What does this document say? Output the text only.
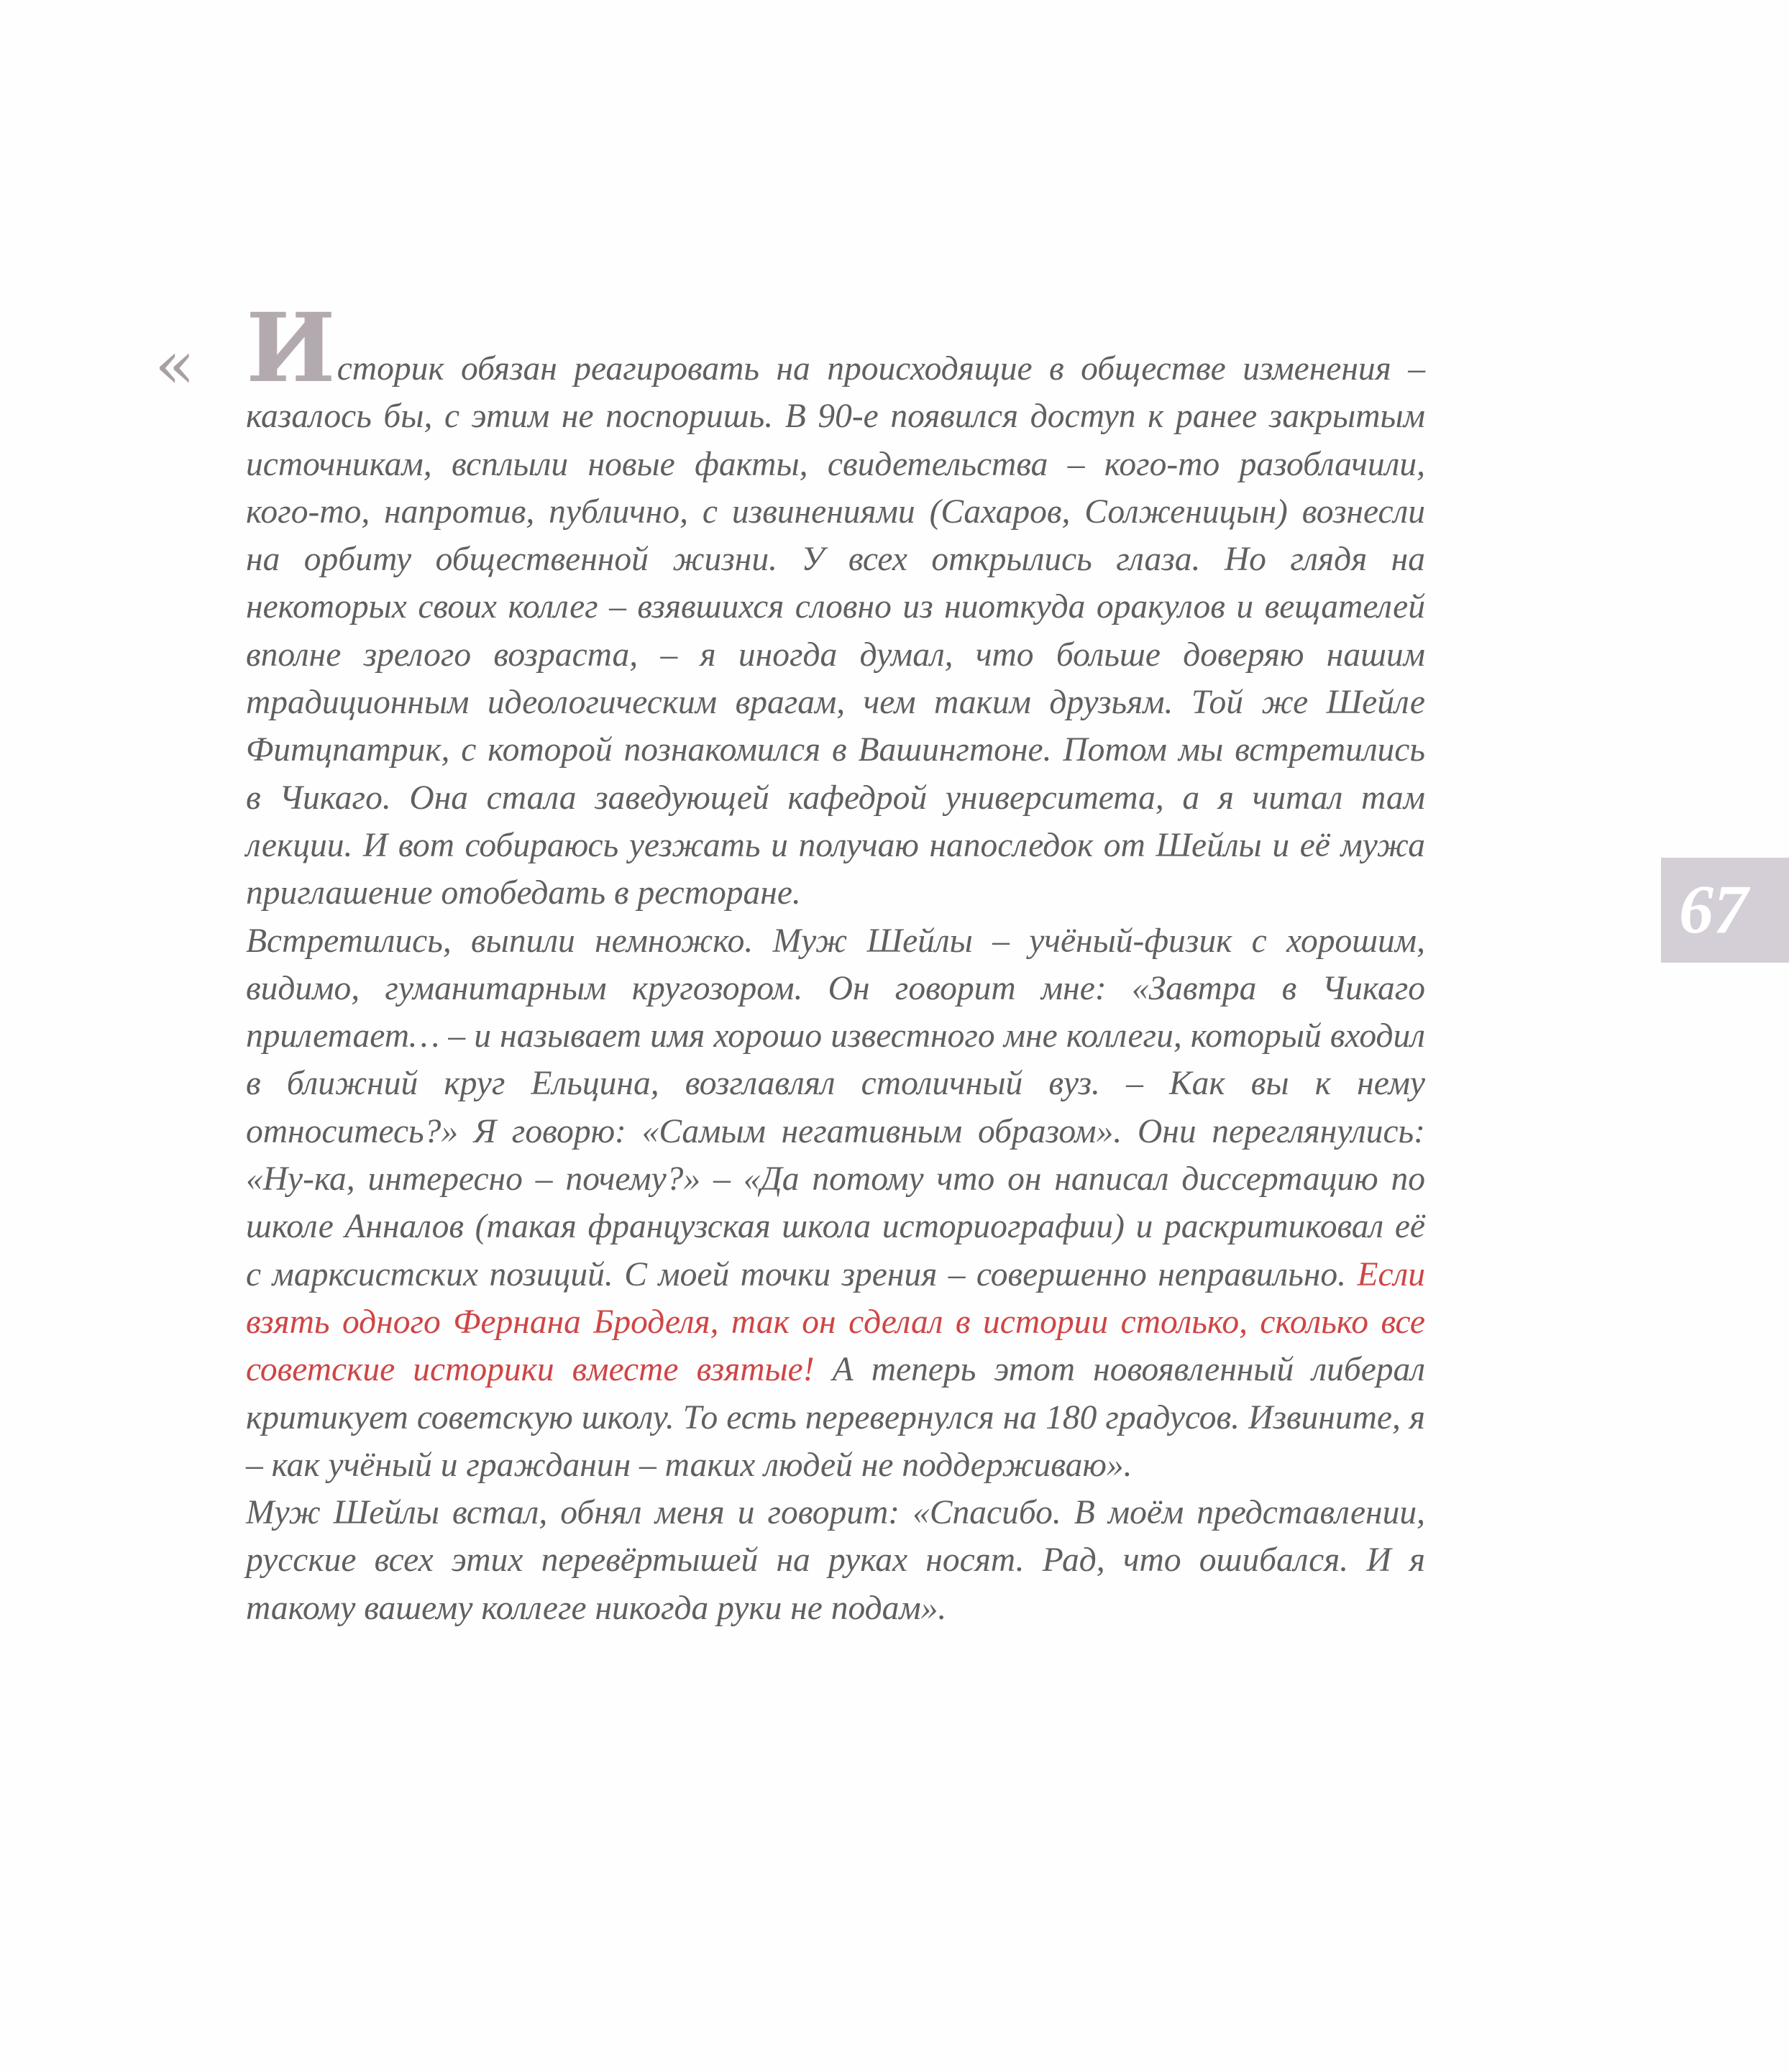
« Историк обязан реагировать на происходящие в обществе изменения – казалось бы, с этим не поспоришь. В 90-е появился доступ к ранее закрытым источникам, всплыли новые факты, свидетельства – кого-то разоблачили, кого-то, напротив, публично, с извинениями (Сахаров, Солженицын) вознесли на орбиту общественной жизни. У всех открылись глаза. Но глядя на некоторых своих коллег – взявшихся словно из ниоткуда оракулов и вещателей вполне зрелого возраста, – я иногда думал, что больше доверяю нашим традиционным идеологическим врагам, чем таким друзьям. Той же Шейле Фитцпатрик, с которой познакомился в Вашингтоне. Потом мы встретились в Чикаго. Она стала заведующей кафедрой университета, а я читал там лекции. И вот собираюсь уезжать и получаю напоследок от Шейлы и её мужа приглашение отобедать в ресторане.

Встретились, выпили немножко. Муж Шейлы – учёный-физик с хорошим, видимо, гуманитарным кругозором. Он говорит мне: «Завтра в Чикаго прилетает… – и называет имя хорошо известного мне коллеги, который входил в ближний круг Ельцина, возглавлял столичный вуз. – Как вы к нему относитесь?» Я говорю: «Самым негативным образом». Они переглянулись: «Ну-ка, интересно – почему?» – «Да потому что он написал диссертацию по школе Анналов (такая французская школа историографии) и раскритиковал её с марксистских позиций. С моей точки зрения – совершенно неправильно. Если взять одного Фернана Броделя, так он сделал в истории столько, сколько все советские историки вместе взятые! А теперь этот новоявленный либерал критикует советскую школу. То есть перевернулся на 180 градусов. Извините, я – как учёный и гражданин – таких людей не поддерживаю».

Муж Шейлы встал, обнял меня и говорит: «Спасибо. В моём представлении, русские всех этих перевёртышей на руках носят. Рад, что ошибался. И я такому вашему коллеге никогда руки не подам».

67
